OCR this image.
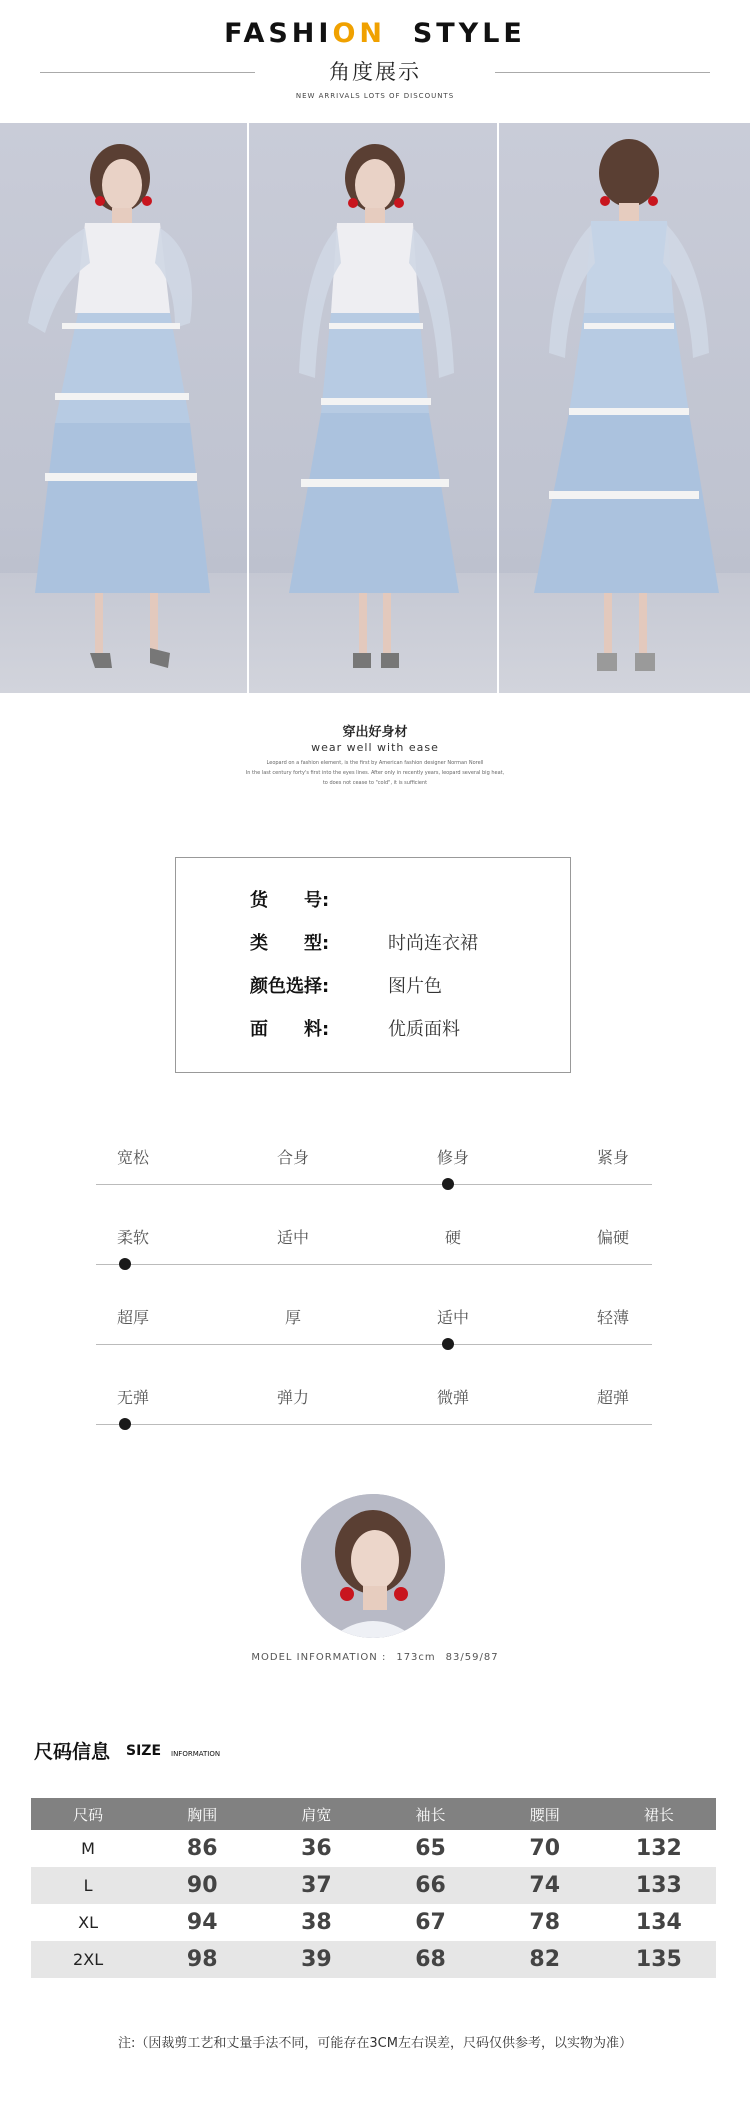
FASHION  STYLE
角度展示
NEW ARRIVALS LOTS OF DISCOUNTS
穿出好身材
wear well with ease
Leopard on a fashion element, is the first by American fashion designer Norman Norell
In the last century forty's first into the eyes lines. After only in recently years, leopard several big heat,
to does not cease to "cold", it is sufficient
货　　号:
类　　型:	时尚连衣裙
颜色选择:	图片色
面　　料:	优质面料
宽松	合身	修身	紧身
柔软	适中	硬	偏硬
超厚	厚	适中	轻薄
无弹	弹力	微弹	超弹
MODEL INFORMATION : 173cm 83/59/87
尺码信息 SIZE INFORMATION
尺码	胸围	肩宽	袖长	腰围	裙长
M	86	36	65	70	132
L	90	37	66	74	133
XL	94	38	67	78	134
2XL	98	39	68	82	135
注:（因裁剪工艺和丈量手法不同，可能存在3CM左右误差，尺码仅供参考，以实物为准）
